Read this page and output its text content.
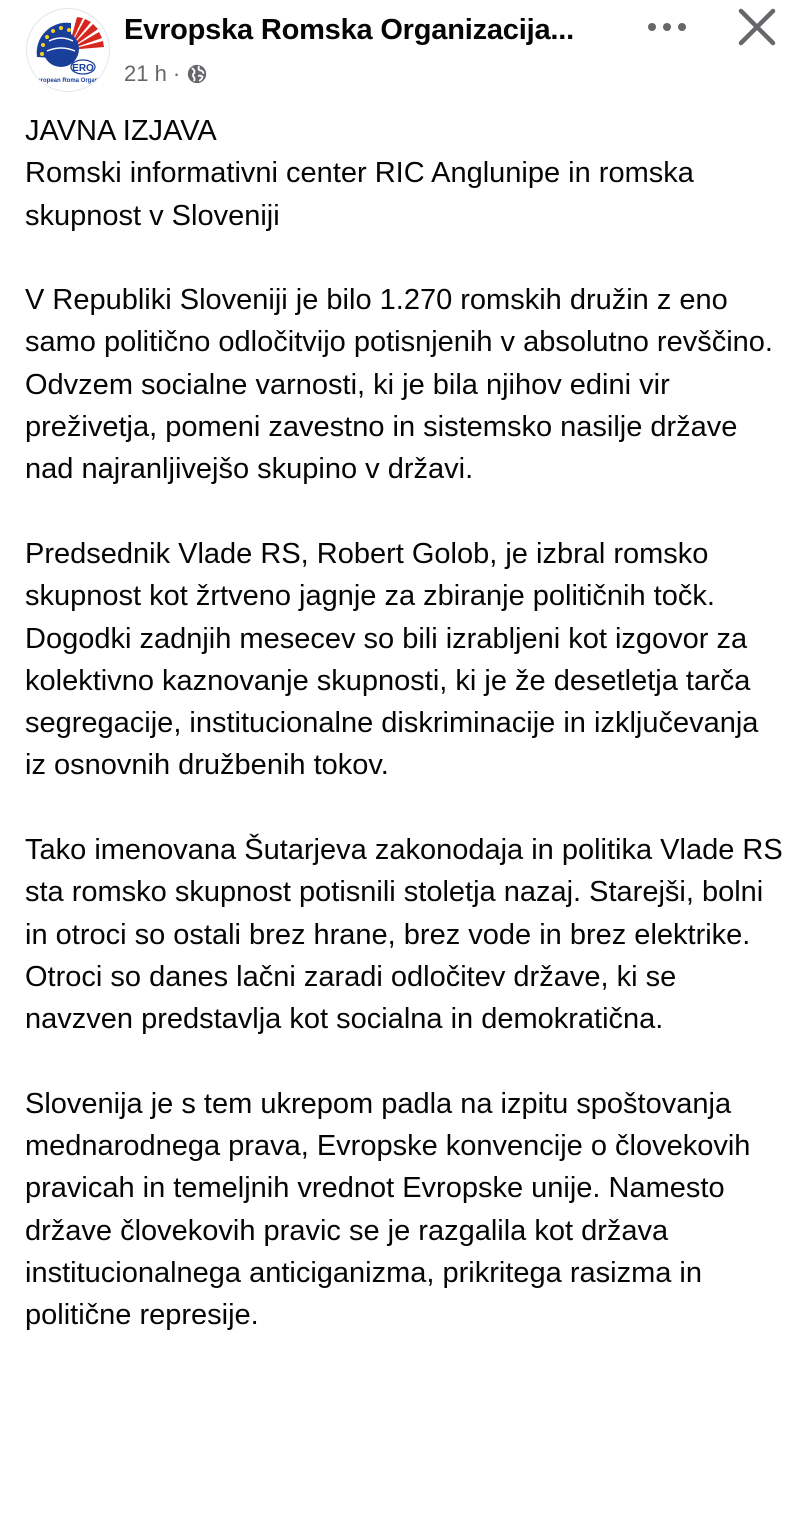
ERO
European Roma Organiz
Evropska Romska Organizacija...
21 h ·

JAVNA IZJAVA
Romski informativni center RIC Anglunipe in romska skupnost v Sloveniji

V Republiki Sloveniji je bilo 1.270 romskih družin z eno samo politično odločitvijo potisnjenih v absolutno revščino. Odvzem socialne varnosti, ki je bila njihov edini vir preživetja, pomeni zavestno in sistemsko nasilje države nad najranljivejšo skupino v državi.

Predsednik Vlade RS, Robert Golob, je izbral romsko skupnost kot žrtveno jagnje za zbiranje političnih točk. Dogodki zadnjih mesecev so bili izrabljeni kot izgovor za kolektivno kaznovanje skupnosti, ki je že desetletja tarča segregacije, institucionalne diskriminacije in izključevanja iz osnovnih družbenih tokov.

Tako imenovana Šutarjeva zakonodaja in politika Vlade RS sta romsko skupnost potisnili stoletja nazaj. Starejši, bolni in otroci so ostali brez hrane, brez vode in brez elektrike. Otroci so danes lačni zaradi odločitev države, ki se navzven predstavlja kot socialna in demokratična.

Slovenija je s tem ukrepom padla na izpitu spoštovanja mednarodnega prava, Evropske konvencije o človekovih pravicah in temeljnih vrednot Evropske unije. Namesto države človekovih pravic se je razgalila kot država institucionalnega anticiganizma, prikritega rasizma in politične represije.
